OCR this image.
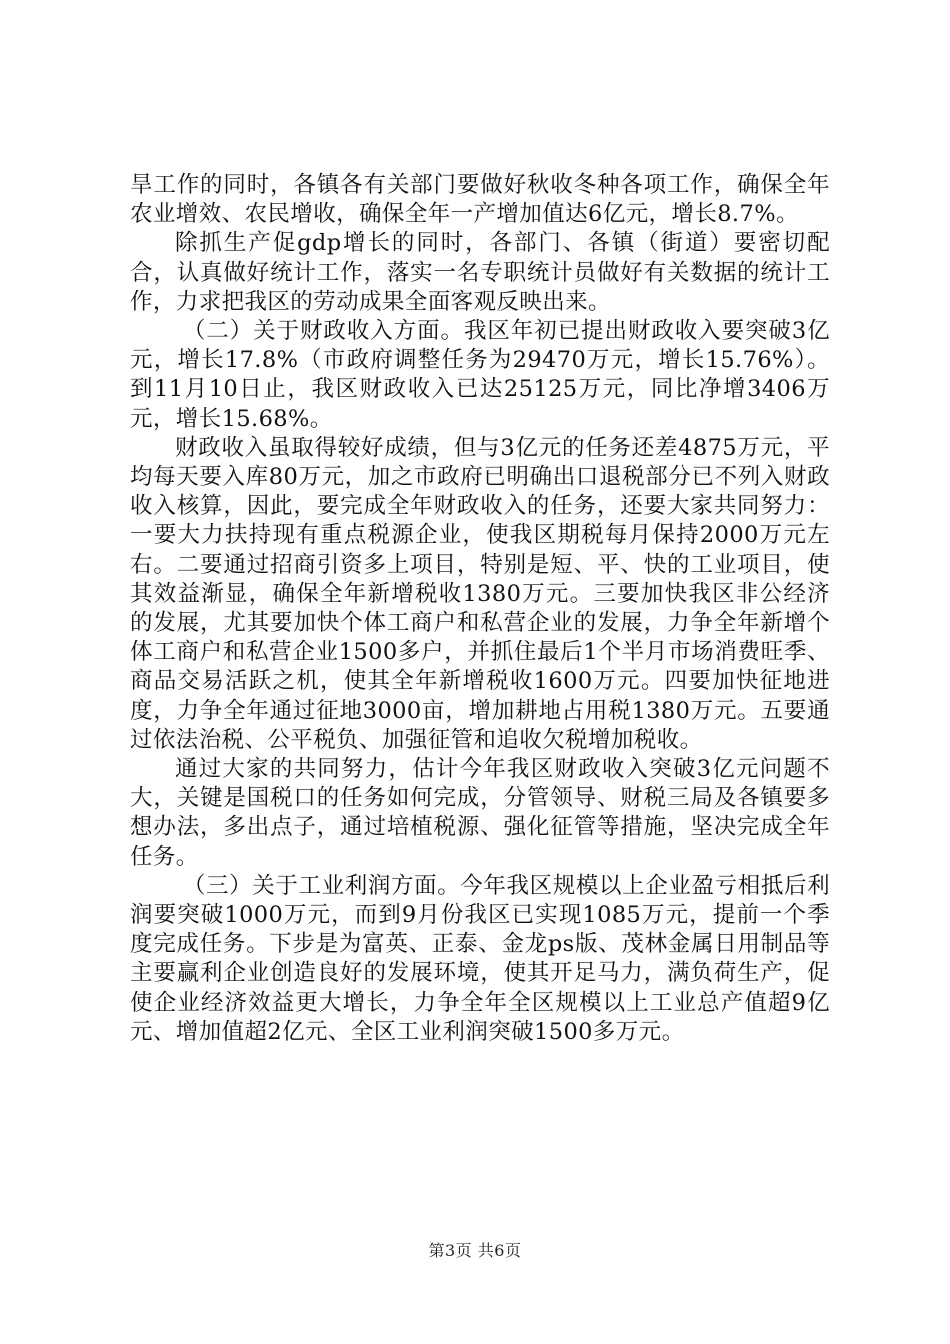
旱工作的同时，各镇各有关部门要做好秋收冬种各项工作，确保全年农业增效、农民增收，确保全年一产增加值达6亿元，增长8.7%。

除抓生产促gdp增长的同时，各部门、各镇（街道）要密切配合，认真做好统计工作，落实一名专职统计员做好有关数据的统计工作，力求把我区的劳动成果全面客观反映出来。

（二）关于财政收入方面。我区年初已提出财政收入要突破3亿元，增长17.8%（市政府调整任务为29470万元，增长15.76%）。到11月10日止，我区财政收入已达25125万元，同比净增3406万元，增长15.68%。

财政收入虽取得较好成绩，但与3亿元的任务还差4875万元，平均每天要入库80万元，加之市政府已明确出口退税部分已不列入财政收入核算，因此，要完成全年财政收入的任务，还要大家共同努力：一要大力扶持现有重点税源企业，使我区期税每月保持2000万元左右。二要通过招商引资多上项目，特别是短、平、快的工业项目，使其效益渐显，确保全年新增税收1380万元。三要加快我区非公经济的发展，尤其要加快个体工商户和私营企业的发展，力争全年新增个体工商户和私营企业1500多户，并抓住最后1个半月市场消费旺季、商品交易活跃之机，使其全年新增税收1600万元。四要加快征地进度，力争全年通过征地3000亩，增加耕地占用税1380万元。五要通过依法治税、公平税负、加强征管和追收欠税增加税收。

通过大家的共同努力，估计今年我区财政收入突破3亿元问题不大，关键是国税口的任务如何完成，分管领导、财税三局及各镇要多想办法，多出点子，通过培植税源、强化征管等措施，坚决完成全年任务。

（三）关于工业利润方面。今年我区规模以上企业盈亏相抵后利润要突破1000万元，而到9月份我区已实现1085万元，提前一个季度完成任务。下步是为富英、正泰、金龙ps版、茂林金属日用制品等主要赢利企业创造良好的发展环境，使其开足马力，满负荷生产，促使企业经济效益更大增长，力争全年全区规模以上工业总产值超9亿元、增加值超2亿元、全区工业利润突破1500多万元。

第3页 共6页
